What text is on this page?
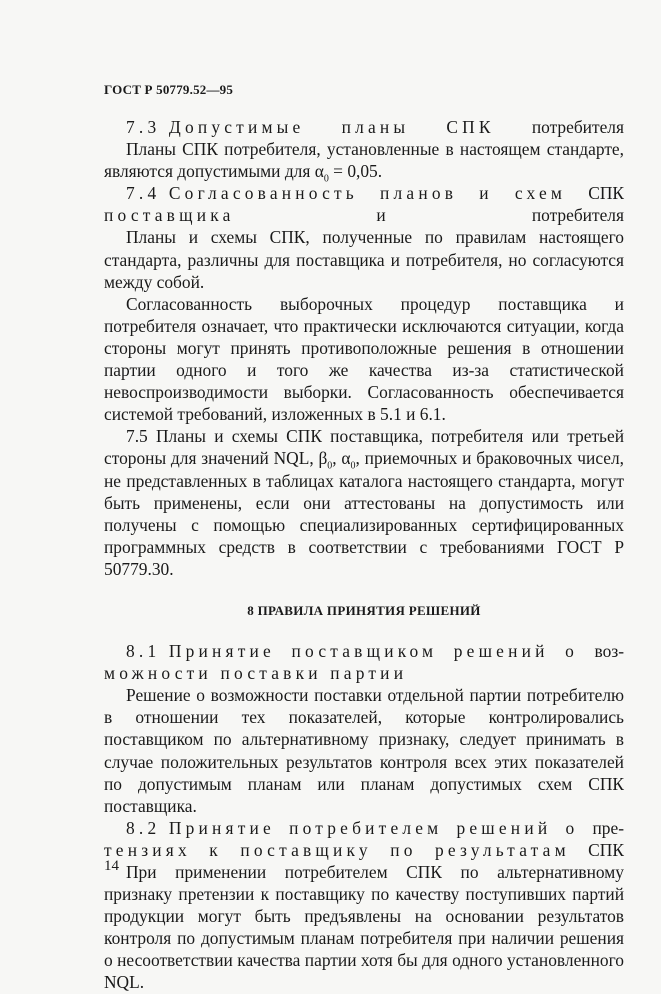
ГОСТ Р 50779.52—95
7.3 Допустимые планы СПК потребителя

Планы СПК потребителя, установленные в настоящем стандарте, являются допустимыми для $\alpha_0 = 0,05$.

7.4 Согласованность планов и схем СПК
поставщика	и	потребителя

Планы и схемы СПК, полученные по правилам настоящего стандарта, различны для поставщика и потребителя, но согласуются между собой.

Согласованность выборочных процедур поставщика и потребителя означает, что практически исключаются ситуации, когда стороны могут принять противоположные решения в отношении партии одного и того же качества из-за статистической невоспроизводимости выборки. Согласованность обеспечивается системой требований, изложенных в 5.1 и 6.1.

7.5 Планы и схемы СПК поставщика, потребителя или третьей стороны для значений NQL, $\beta_0$, $\alpha_0$, приемочных и браковочных чисел, не представленных в таблицах каталога настоящего стандарта, могут быть применены, если они аттестованы на допустимость или получены с помощью специализированных сертифицированных программных средств в соответствии с требованиями ГОСТ Р 50779.30.

8 ПРАВИЛА ПРИНЯТИЯ РЕШЕНИЙ
8.1 Принятие поставщиком решений о воз-

можности поставки партии

Решение о возможности поставки отдельной партии потребителю в отношении тех показателей, которые контролировались поставщиком по альтернативному признаку, следует принимать в случае положительных результатов контроля всех этих показателей по допустимым планам или планам допустимых схем СПК поставщика.

8.2 Принятие потребителем решений о пре-
тензиях к поставщику по результатам СПК

При применении потребителем СПК по альтернативному признаку претензии к поставщику по качеству поступивших партий продукции могут быть предъявлены на основании результатов контроля по допустимым планам потребителя при наличии решения о несоответствии качества партии хотя бы для одного установленного NQL.

14
